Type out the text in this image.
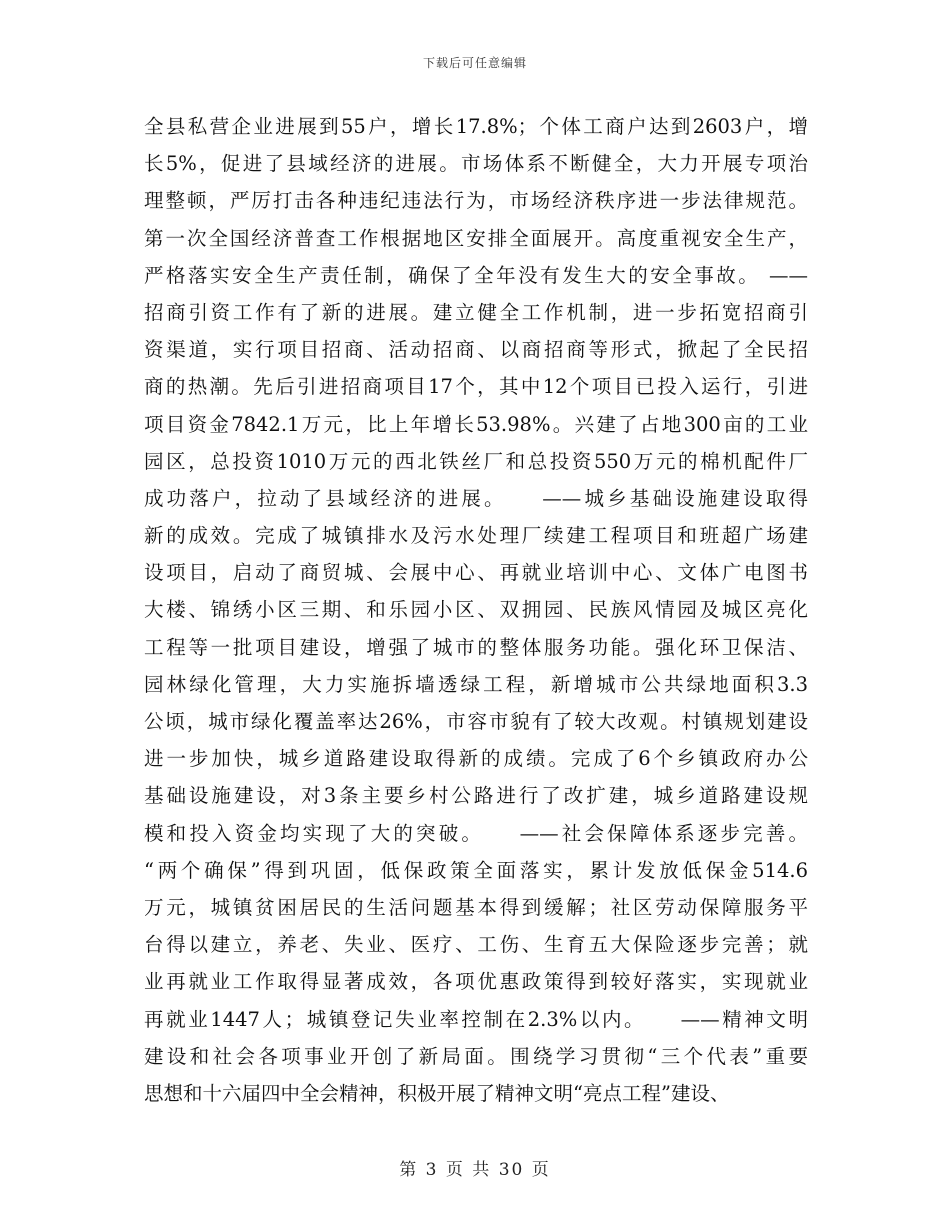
下载后可任意编辑
全县私营企业进展到55户，增长17.8%；个体工商户达到2603户，增
长5%，促进了县域经济的进展。市场体系不断健全，大力开展专项治
理整顿，严厉打击各种违纪违法行为，市场经济秩序进一步法律规范。
第一次全国经济普查工作根据地区安排全面展开。高度重视安全生产，
严格落实安全生产责任制，确保了全年没有发生大的安全事故。 ——
招商引资工作有了新的进展。建立健全工作机制，进一步拓宽招商引
资渠道，实行项目招商、活动招商、以商招商等形式，掀起了全民招
商的热潮。先后引进招商项目17个，其中12个项目已投入运行，引进
项目资金7842.1万元，比上年增长53.98%。兴建了占地300亩的工业
园区，总投资1010万元的西北铁丝厂和总投资550万元的棉机配件厂
成功落户，拉动了县域经济的进展。　　——城乡基础设施建设取得
新的成效。完成了城镇排水及污水处理厂续建工程项目和班超广场建
设项目，启动了商贸城、会展中心、再就业培训中心、文体广电图书
大楼、锦绣小区三期、和乐园小区、双拥园、民族风情园及城区亮化
工程等一批项目建设，增强了城市的整体服务功能。强化环卫保洁、
园林绿化管理，大力实施拆墙透绿工程，新增城市公共绿地面积3.3
公顷，城市绿化覆盖率达26%，市容市貌有了较大改观。村镇规划建设
进一步加快，城乡道路建设取得新的成绩。完成了6个乡镇政府办公
基础设施建设，对3条主要乡村公路进行了改扩建，城乡道路建设规
模和投入资金均实现了大的突破。　　——社会保障体系逐步完善。
“两个确保”得到巩固，低保政策全面落实，累计发放低保金514.6
万元，城镇贫困居民的生活问题基本得到缓解；社区劳动保障服务平
台得以建立，养老、失业、医疗、工伤、生育五大保险逐步完善；就
业再就业工作取得显著成效，各项优惠政策得到较好落实，实现就业
再就业1447人；城镇登记失业率控制在2.3%以内。　　——精神文明
建设和社会各项事业开创了新局面。围绕学习贯彻“三个代表”重要
思想和十六届四中全会精神，积极开展了精神文明“亮点工程”建设、
第 3 页 共 30 页
